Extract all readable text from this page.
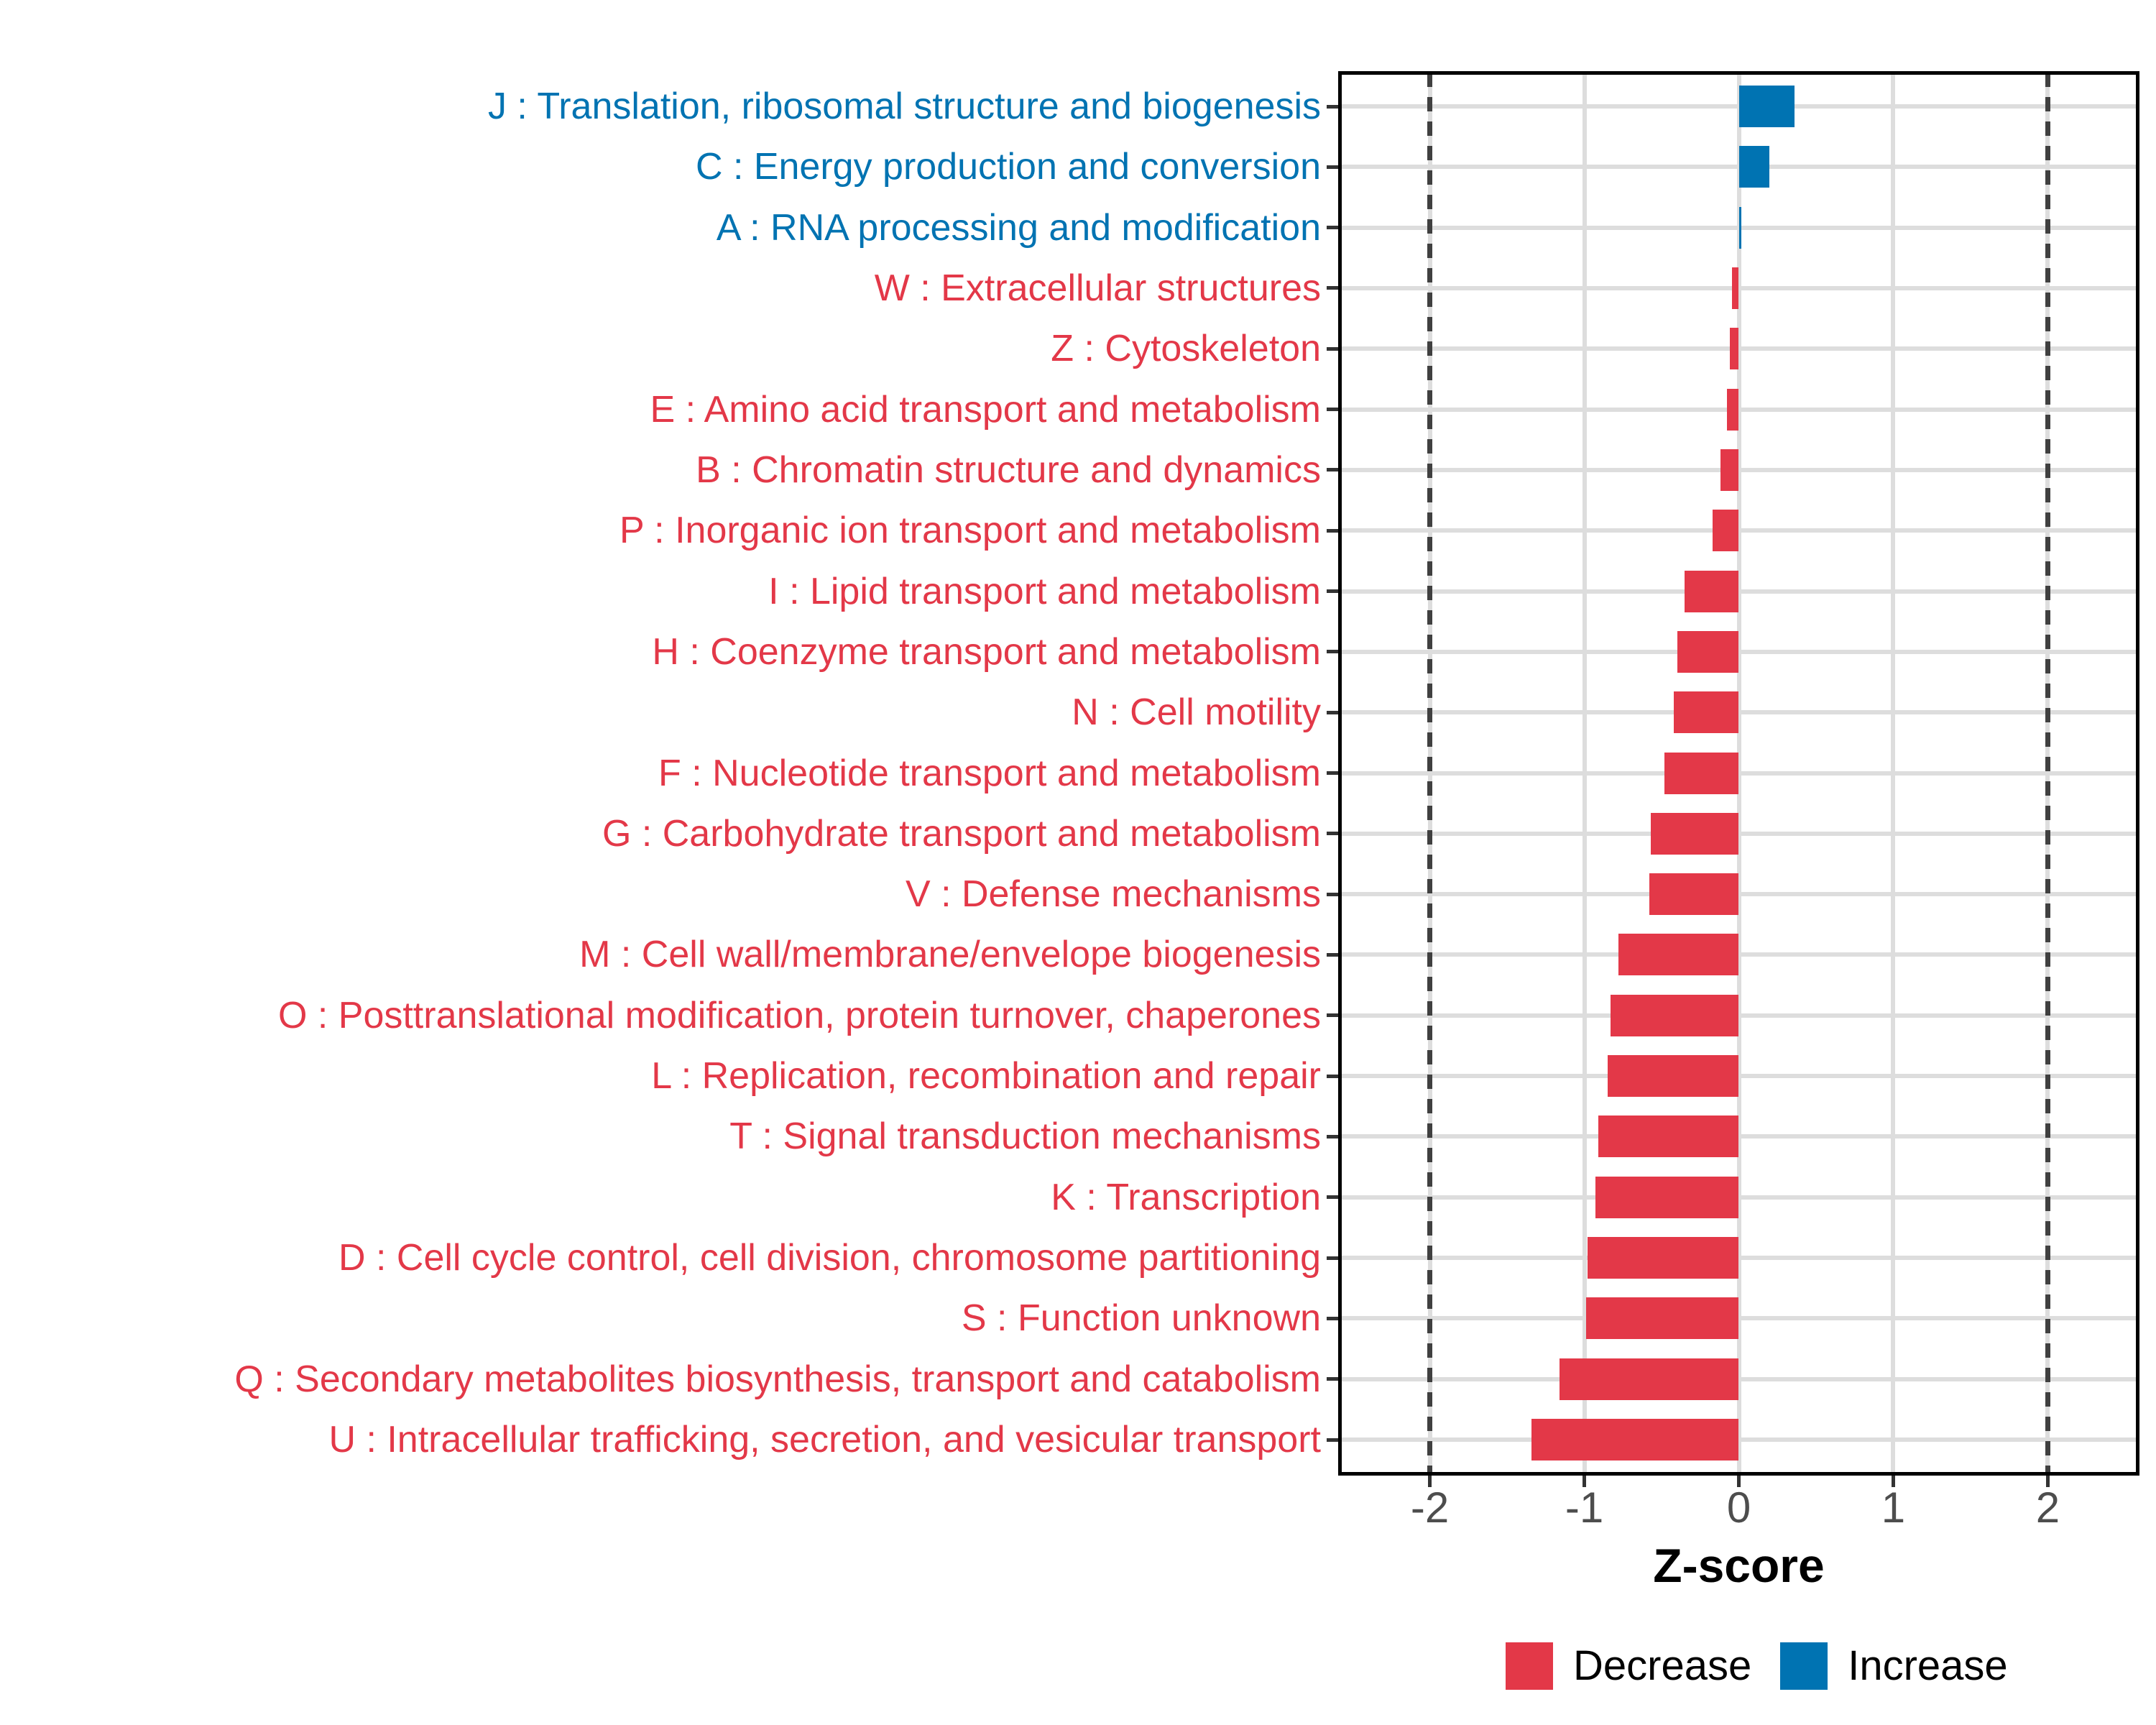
J : Translation, ribosomal structure and biogenesis
C : Energy production and conversion
A : RNA processing and modification
W : Extracellular structures
Z : Cytoskeleton
E : Amino acid transport and metabolism
B : Chromatin structure and dynamics
P : Inorganic ion transport and metabolism
I : Lipid transport and metabolism
H : Coenzyme transport and metabolism
N : Cell motility
F : Nucleotide transport and metabolism
G : Carbohydrate transport and metabolism
V : Defense mechanisms
M : Cell wall/membrane/envelope biogenesis
O : Posttranslational modification, protein turnover, chaperones
L : Replication, recombination and repair
T : Signal transduction mechanisms
K : Transcription
D : Cell cycle control, cell division, chromosome partitioning
S : Function unknown
Q : Secondary metabolites biosynthesis, transport and catabolism
U : Intracellular trafficking, secretion, and vesicular transport
-2	-1	0	1	2
Z-score
Decrease Increase
